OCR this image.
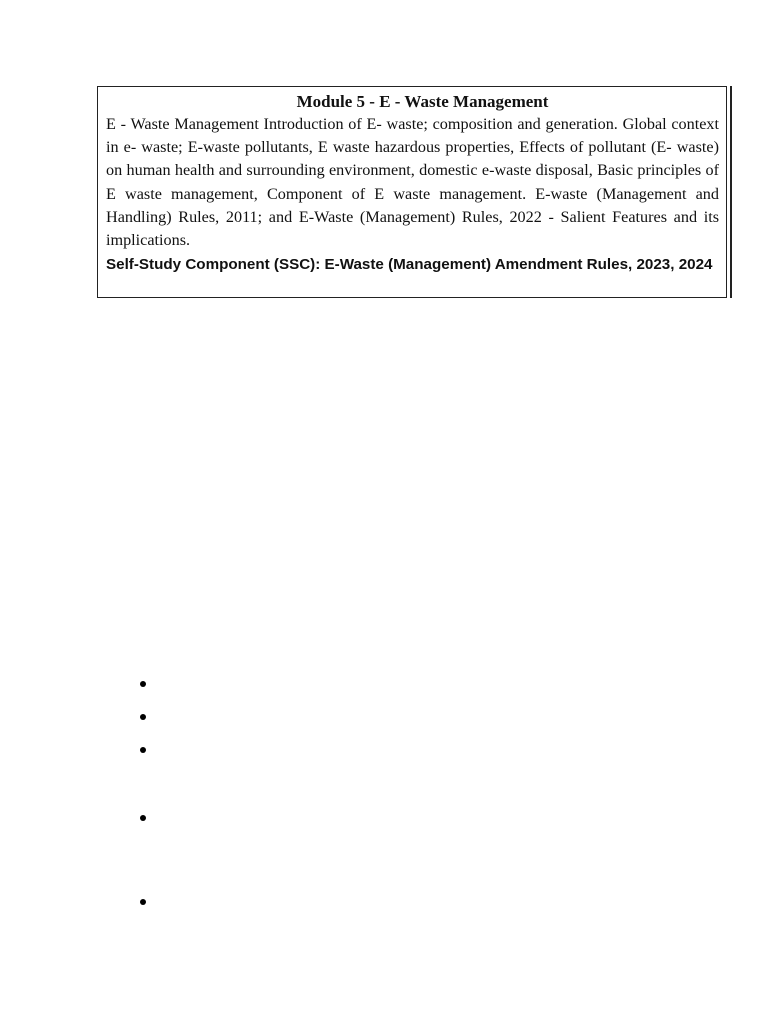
Module 5 - E - Waste Management

E - Waste Management Introduction of E- waste; composition and generation. Global context in e- waste; E-waste pollutants, E waste hazardous properties, Effects of pollutant (E- waste) on human health and surrounding environment, domestic e-waste disposal, Basic principles of E waste management, Component of E waste management. E-waste (Management and Handling) Rules, 2011; and E-Waste (Management) Rules, 2022 - Salient Features and its implications.

Self-Study Component (SSC): E-Waste (Management) Amendment Rules, 2023, 2024
